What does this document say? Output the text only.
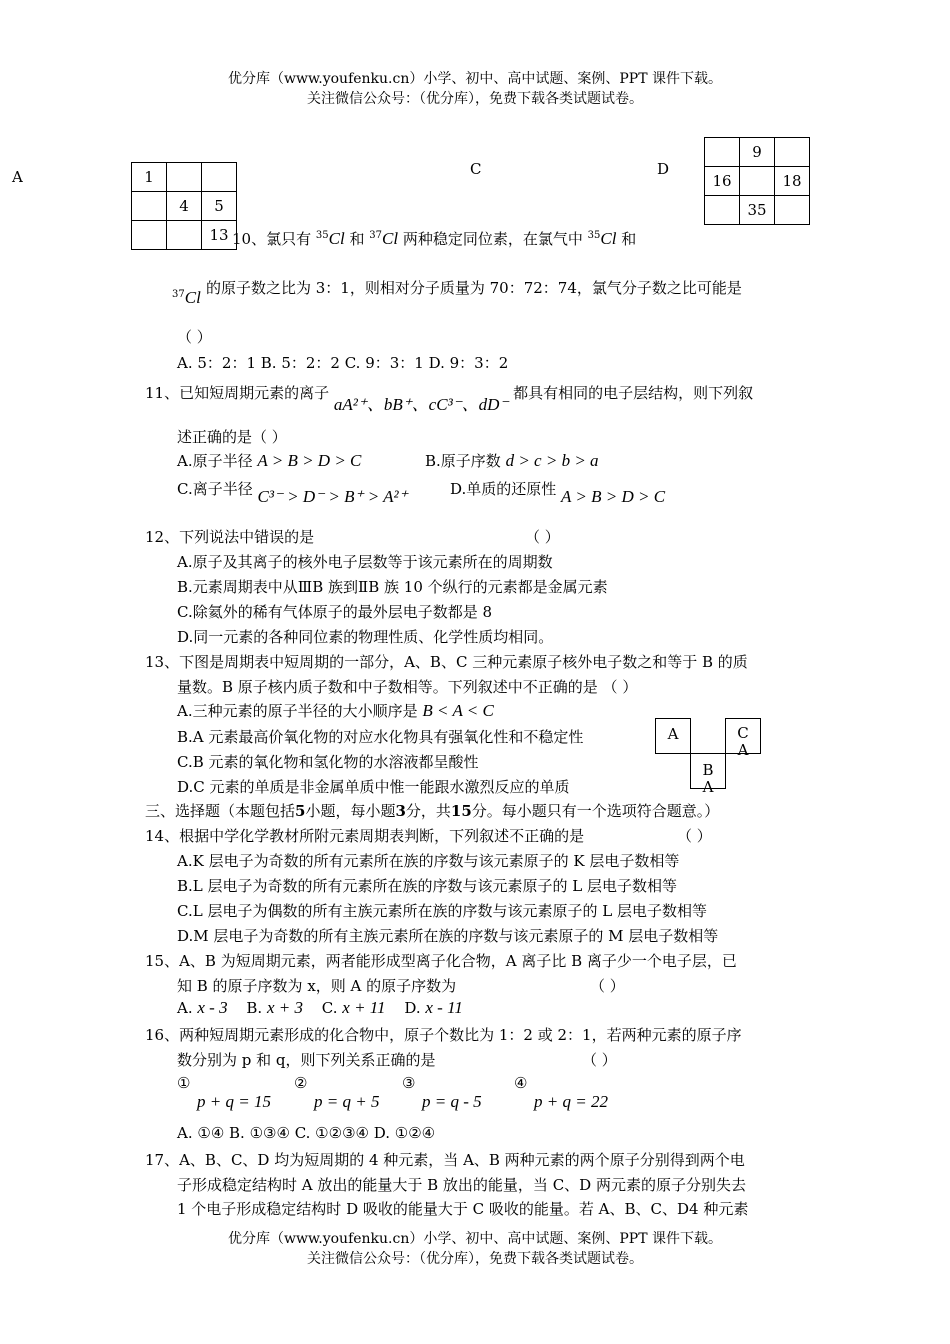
优分库（www.youfenku.cn）小学、初中、高中试题、案例、PPT 课件下载。
关注微信公众号：（优分库），免费下载各类试题试卷。
A	C	D
1		
	4	5
		13
	9	
16		18
	35	
10、氯只有 $^{35}$Cl 和 $^{37}$Cl 两种稳定同位素，在氯气中 $^{35}$Cl 和
$^{37}$Cl 的原子数之比为 3：1，则相对分子质量为 70：72：74，氯气分子数之比可能是
（ ）
A. 5：2：1 B. 5：2：2 C. 9：3：1 D. 9：3：2
11、已知短周期元素的离子 aA²⁺、bB⁺、cC³⁻、dD⁻ 都具有相同的电子层结构，则下列叙
述正确的是（ ）
A.原子半径 A > B > D > C	B.原子序数 d > c > b > a
C.离子半径 C³⁻ > D⁻ > B⁺ > A²⁺	D.单质的还原性 A > B > D > C
12、下列说法中错误的是	（ ）
A.原子及其离子的核外电子层数等于该元素所在的周期数
B.元素周期表中从ⅢB 族到ⅡB 族 10 个纵行的元素都是金属元素
C.除氦外的稀有气体原子的最外层电子数都是 8
D.同一元素的各种同位素的物理性质、化学性质均相同。
13、下图是周期表中短周期的一部分，A、B、C 三种元素原子核外电子数之和等于 B 的质
量数。B 原子核内质子数和中子数相等。下列叙述中不正确的是 （ ）
A.三种元素的原子半径的大小顺序是 B < A < C
B.A 元素最高价氧化物的对应水化物具有强氧化性和不稳定性
C.B 元素的氧化物和氢化物的水溶液都呈酸性
D.C 元素的单质是非金属单质中惟一能跟水激烈反应的单质
A	C
A
B
A
三、选择题（本题包括5小题，每小题3分，共15分。每小题只有一个选项符合题意。）
14、根据中学化学教材所附元素周期表判断，下列叙述不正确的是	（ ）
A.K 层电子为奇数的所有元素所在族的序数与该元素原子的 K 层电子数相等
B.L 层电子为奇数的所有元素所在族的序数与该元素原子的 L 层电子数相等
C.L 层电子为偶数的所有主族元素所在族的序数与该元素原子的 L 层电子数相等
D.M 层电子为奇数的所有主族元素所在族的序数与该元素原子的 M 层电子数相等
15、A、B 为短周期元素，两者能形成型离子化合物，A 离子比 B 离子少一个电子层，已
知 B 的原子序数为 x，则 A 的原子序数为	（ ）
A. x - 3 B. x + 3 C. x + 11 D. x - 11
16、两种短周期元素形成的化合物中，原子个数比为 1：2 或 2：1，若两种元素的原子序
数分别为 p 和 q，则下列关系正确的是	（ ）
①
p + q = 15
②
p = q + 5
③
p = q - 5
④
p + q = 22
A. ①④ B. ①③④ C. ①②③④ D. ①②④
17、A、B、C、D 均为短周期的 4 种元素，当 A、B 两种元素的两个原子分别得到两个电
子形成稳定结构时 A 放出的能量大于 B 放出的能量，当 C、D 两元素的原子分别失去
1 个电子形成稳定结构时 D 吸收的能量大于 C 吸收的能量。若 A、B、C、D4 种元素
优分库（www.youfenku.cn）小学、初中、高中试题、案例、PPT 课件下载。
关注微信公众号：（优分库），免费下载各类试题试卷。
